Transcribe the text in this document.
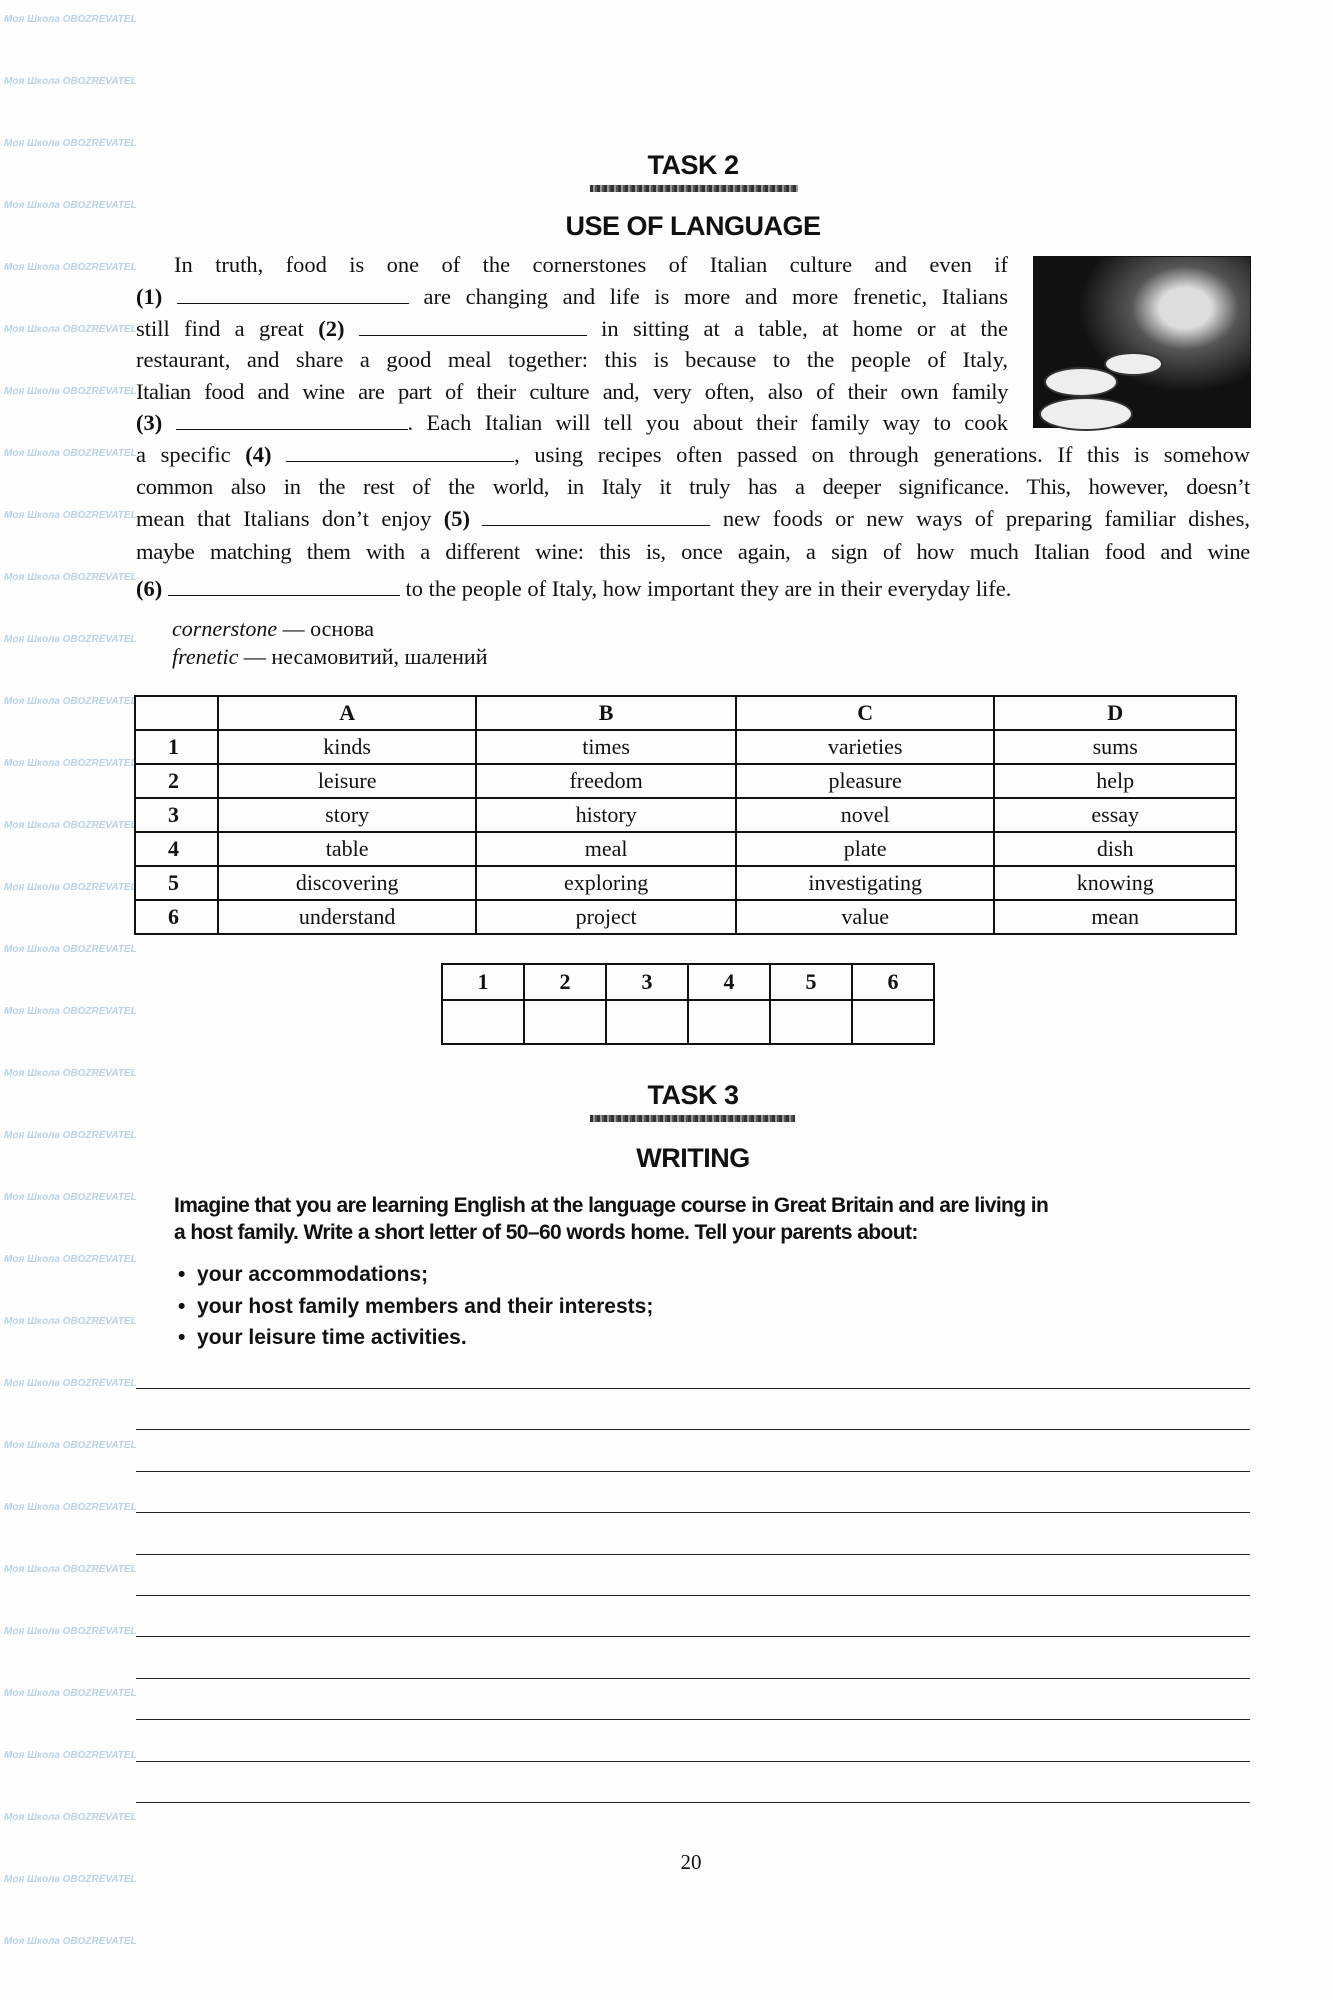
Моя Школа OBOZREVATEL
Моя Школа OBOZREVATEL
Моя Школа OBOZREVATEL
Моя Школа OBOZREVATEL
Моя Школа OBOZREVATEL
Моя Школа OBOZREVATEL
Моя Школа OBOZREVATEL
Моя Школа OBOZREVATEL
Моя Школа OBOZREVATEL
Моя Школа OBOZREVATEL
Моя Школа OBOZREVATEL
Моя Школа OBOZREVATEL
Моя Школа OBOZREVATEL
Моя Школа OBOZREVATEL
Моя Школа OBOZREVATEL
Моя Школа OBOZREVATEL
Моя Школа OBOZREVATEL
Моя Школа OBOZREVATEL
Моя Школа OBOZREVATEL
Моя Школа OBOZREVATEL
Моя Школа OBOZREVATEL
Моя Школа OBOZREVATEL
Моя Школа OBOZREVATEL
Моя Школа OBOZREVATEL
Моя Школа OBOZREVATEL
Моя Школа OBOZREVATEL
Моя Школа OBOZREVATEL
Моя Школа OBOZREVATEL
Моя Школа OBOZREVATEL
Моя Школа OBOZREVATEL
Моя Школа OBOZREVATEL
Моя Школа OBOZREVATEL
TASK 2
USE OF LANGUAGE
In truth, food is one of the cornerstones of Italian culture and even if
(1)	are changing and life is more and more frenetic, Italians
still find a great (2)	in sitting at a table, at home or at the
restaurant, and share a good meal together: this is because to the people of Italy,
Italian food and wine are part of their culture and, very often, also of their own family
(3)	. Each Italian will tell you about their family way to cook
a specific (4)	, using recipes often passed on through generations. If this is somehow
common also in the rest of the world, in Italy it truly has a deeper significance. This, however, doesn’t
mean that Italians don’t enjoy (5)	new foods or new ways of preparing familiar dishes,
maybe matching them with a different wine: this is, once again, a sign of how much Italian food and wine
(6)	to the people of Italy, how important they are in their everyday life.
cornerstone — основа
frenetic — несамовитий, шалений
	A	B	C	D
1	kinds	times	varieties	sums
2	leisure	freedom	pleasure	help
3	story	history	novel	essay
4	table	meal	plate	dish
5	discovering	exploring	investigating	knowing
6	understand	project	value	mean
1	2	3	4	5	6

TASK 3
WRITING
Imagine that you are learning English at the language course in Great Britain and are living in
a host family. Write a short letter of 50–60 words home. Tell your parents about:
•  your accommodations;
•  your host family members and their interests;
•  your leisure time activities.
20
